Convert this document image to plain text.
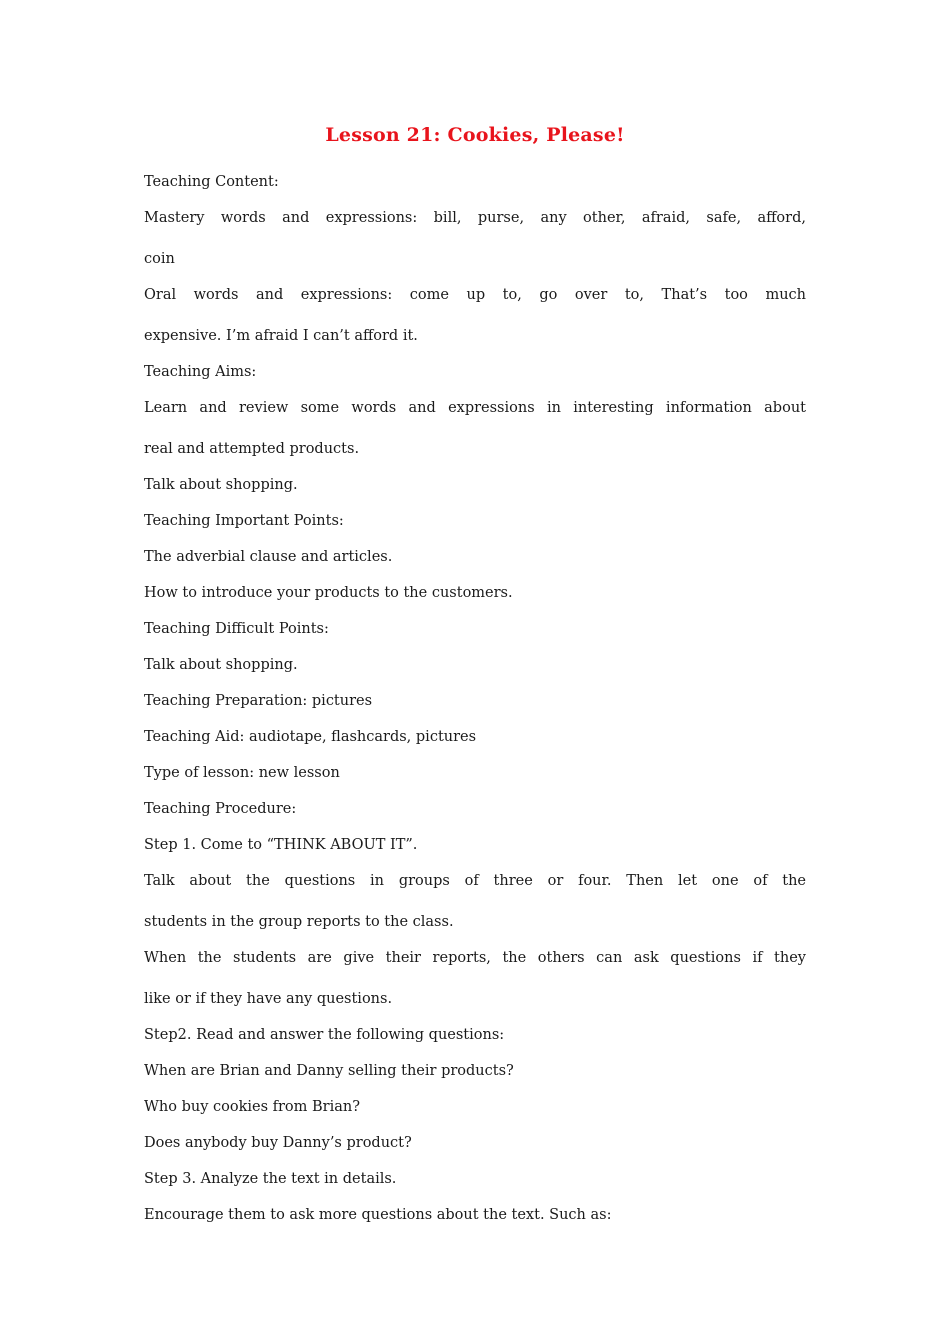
Lesson 21: Cookies, Please!
Teaching Content:
Mastery words and expressions: bill, purse, any other, afraid, safe, afford,
coin
Oral words and expressions: come up to, go over to, That’s too much
expensive. I’m afraid I can’t afford it.
Teaching Aims:
Learn and review some words and expressions in interesting information about
real and attempted products.
Talk about shopping.
Teaching Important Points:
The adverbial clause and articles.
How to introduce your products to the customers.
Teaching Difficult Points:
Talk about shopping.
Teaching Preparation: pictures
Teaching Aid: audiotape, flashcards, pictures
Type of lesson: new lesson
Teaching Procedure:
Step 1. Come to “THINK ABOUT IT”.
Talk about the questions in groups of three or four. Then let one of the
students in the group reports to the class.
When the students are give their reports, the others can ask questions if they
like or if they have any questions.
Step2. Read and answer the following questions:
When are Brian and Danny selling their products?
Who buy cookies from Brian?
Does anybody buy Danny’s product?
Step 3. Analyze the text in details.
Encourage them to ask more questions about the text. Such as:
